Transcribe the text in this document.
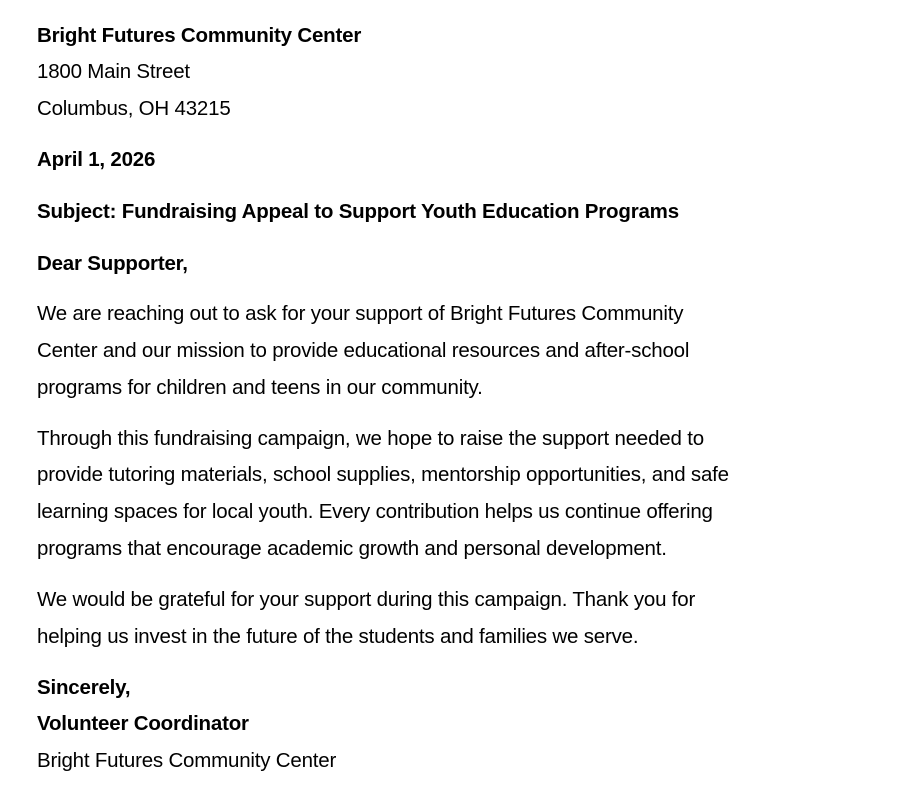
Bright Futures Community Center
1800 Main Street
Columbus, OH 43215
April 1, 2026
Subject: Fundraising Appeal to Support Youth Education Programs
Dear Supporter,
We are reaching out to ask for your support of Bright Futures Community
Center and our mission to provide educational resources and after-school
programs for children and teens in our community.
Through this fundraising campaign, we hope to raise the support needed to
provide tutoring materials, school supplies, mentorship opportunities, and safe
learning spaces for local youth. Every contribution helps us continue offering
programs that encourage academic growth and personal development.
We would be grateful for your support during this campaign. Thank you for
helping us invest in the future of the students and families we serve.
Sincerely,
Volunteer Coordinator
Bright Futures Community Center
